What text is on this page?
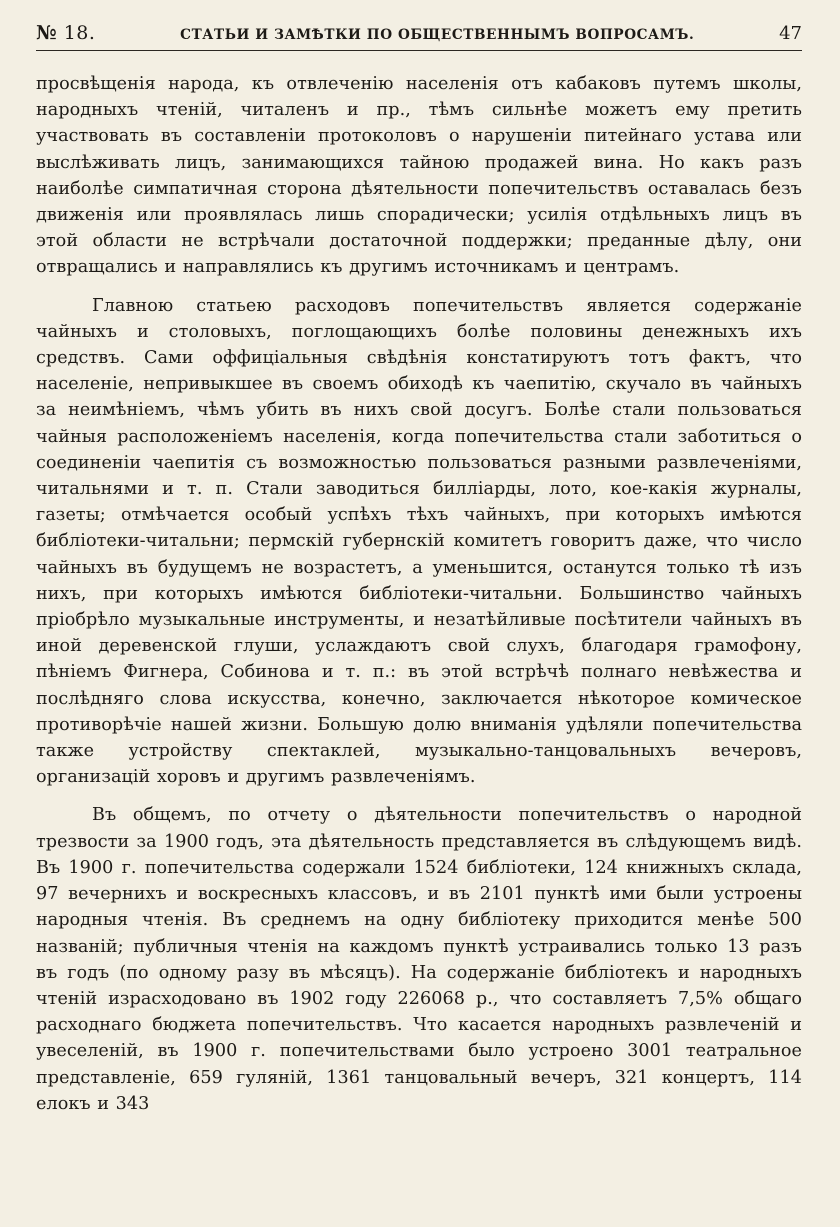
№ 18.	СТАТЬИ И ЗАМѢТКИ ПО ОБЩЕСТВЕННЫМЪ ВОПРОСАМЪ.	47

просвѣщенія народа, къ отвлеченію населенія отъ кабаковъ путемъ школы, народныхъ чтеній, читаленъ и пр., тѣмъ сильнѣе можетъ ему претить участвовать въ составленіи протоколовъ о нарушеніи питейнаго устава или выслѣживать лицъ, занимающихся тайною продажей вина. Но какъ разъ наиболѣе симпатичная сторона дѣятельности попечительствъ оставалась безъ движенія или проявлялась лишь спорадически; усилія отдѣльныхъ лицъ въ этой области не встрѣчали достаточной поддержки; преданные дѣлу, они отвращались и направлялись къ другимъ источникамъ и центрамъ.

Главною статьею расходовъ попечительствъ является содержаніе чайныхъ и столовыхъ, поглощающихъ болѣе половины денежныхъ ихъ средствъ. Сами оффиціальныя свѣдѣнія констатируютъ тотъ фактъ, что населеніе, непривыкшее въ своемъ обиходѣ къ чаепитію, скучало въ чайныхъ за неимѣніемъ, чѣмъ убить въ нихъ свой досугъ. Болѣе стали пользоваться чайныя расположеніемъ населенія, когда попечительства стали заботиться о соединеніи чаепитія съ возможностью пользоваться разными развлеченіями, читальнями и т. п. Стали заводиться билліарды, лото, кое-какія журналы, газеты; отмѣчается особый успѣхъ тѣхъ чайныхъ, при которыхъ имѣются библіотеки-читальни; пермскій губернскій комитетъ говоритъ даже, что число чайныхъ въ будущемъ не возрастетъ, а уменьшится, останутся только тѣ изъ нихъ, при которыхъ имѣются библіотеки-читальни. Большинство чайныхъ пріобрѣло музыкальные инструменты, и незатѣйливые посѣтители чайныхъ въ иной деревенской глуши, услаждаютъ свой слухъ, благодаря грамофону, пѣніемъ Фигнера, Собинова и т. п.: въ этой встрѣчѣ полнаго невѣжества и послѣдняго слова искусства, конечно, заключается нѣкоторое комическое противорѣчіе нашей жизни. Большую долю вниманія удѣляли попечительства также устройству спектаклей, музыкально-танцовальныхъ вечеровъ, организацій хоровъ и другимъ развлеченіямъ.

Въ общемъ, по отчету о дѣятельности попечительствъ о народной трезвости за 1900 годъ, эта дѣятельность представляется въ слѣдующемъ видѣ. Въ 1900 г. попечительства содержали 1524 библіотеки, 124 книжныхъ склада, 97 вечернихъ и воскресныхъ классовъ, и въ 2101 пунктѣ ими были устроены народныя чтенія. Въ среднемъ на одну библіотеку приходится менѣе 500 названій; публичныя чтенія на каждомъ пунктѣ устраивались только 13 разъ въ годъ (по одному разу въ мѣсяцъ). На содержаніе библіотекъ и народныхъ чтеній израсходовано въ 1902 году 226068 р., что составляетъ 7,5% общаго расходнаго бюджета попечительствъ. Что касается народныхъ развлеченій и увеселеній, въ 1900 г. попечительствами было устроено 3001 театральное представленіе, 659 гуляній, 1361 танцовальный вечеръ, 321 концертъ, 114 елокъ и 343
